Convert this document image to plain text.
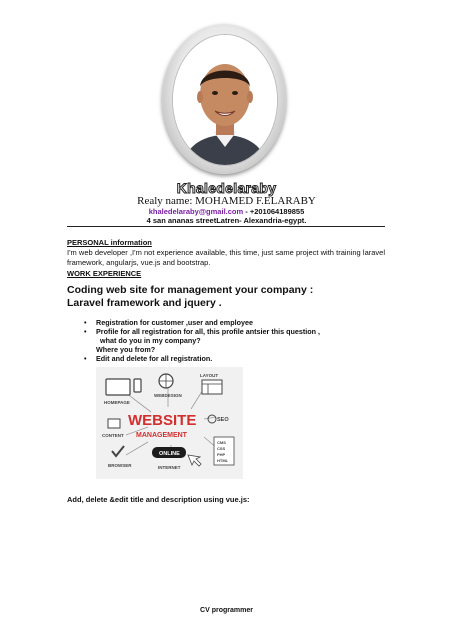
Khaledelaraby
Realy name: MOHAMED F.ELARABY
khaledelaraby@gmail.com - +201064189855
4 san ananas streetLatren- Alexandria-egypt.
PERSONAL information
I'm web developer ,I'm not experience available, this time, just same project with training laravel framework, angularjs, vue.js and bootstrap.
WORK EXPERIENCE
Coding web site for management your company :
Laravel framework and jquery .
• Registration for customer ,user and employee
• Profile for all registration for all, this profile antsier this question ,
what do you in my company?
Where you from?
• Edit and delete for all registration.
HOMEPAGE
WEBDESIGN
LAYOUT
WEBSITE
MANAGEMENT
SEO
CONTENT
ONLINE
BROWSER	INTERNET
CMS
CSS
PHP
HTML
Add, delete &edit title and description using vue.js:
CV programmer
